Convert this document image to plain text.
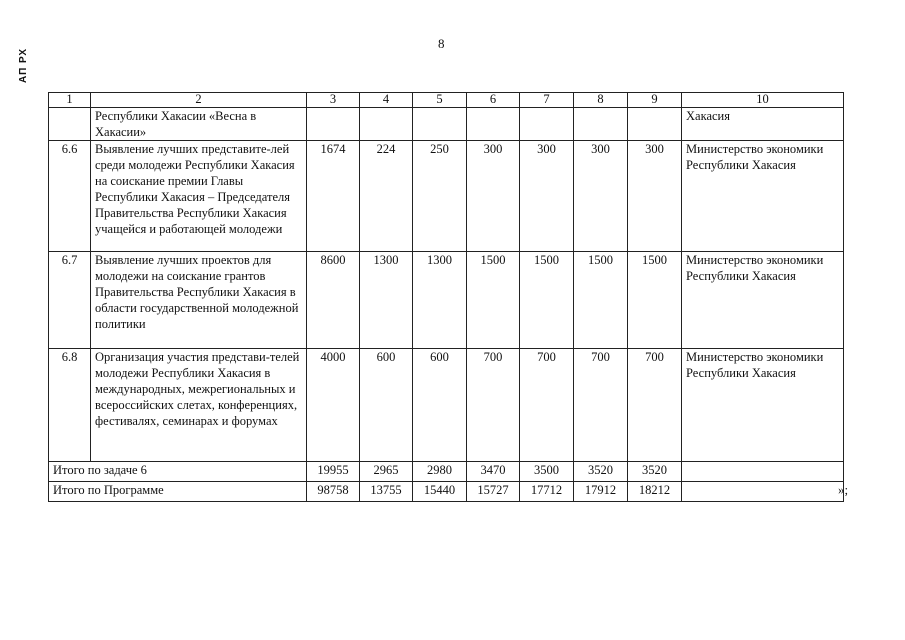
8
АП РХ
1	2	3	4	5	6	7	8	9	10
	Республики Хакасии «Весна в Хакасии»								Хакасия
6.6	Выявление лучших представите-лей среди молодежи Республики Хакасия на соискание премии Главы Республики Хакасия – Председателя Правительства Республики Хакасия учащейся и работающей молодежи	1674	224	250	300	300	300	300	Министерство экономики Республики Хакасия
6.7	Выявление лучших проектов для молодежи на соискание грантов Правительства Республики Хакасия в области государственной молодежной политики	8600	1300	1300	1500	1500	1500	1500	Министерство экономики Республики Хакасия
6.8	Организация участия представи-телей молодежи Республики Хакасия в международных, межрегиональных и всероссийских слетах, конференциях, фестивалях, семинарах и форумах	4000	600	600	700	700	700	700	Министерство экономики Республики Хакасия
Итого по задаче 6		19955	2965	2980	3470	3500	3520	3520	
Итого по Программе		98758	13755	15440	15727	17712	17912	18212		»;
